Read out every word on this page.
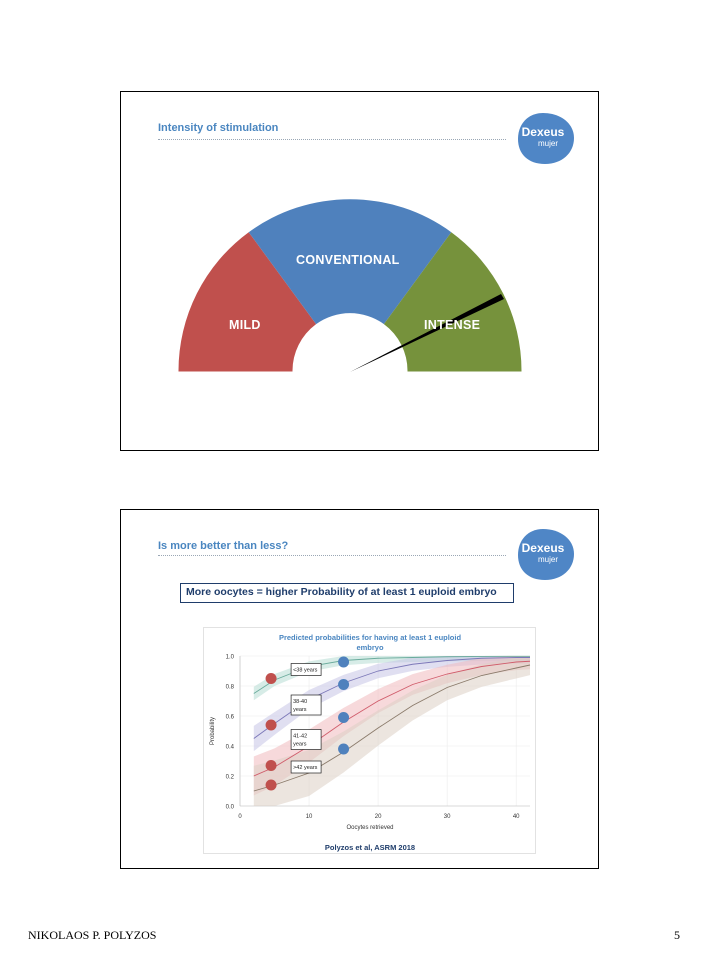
Intensity of stimulation	Dexeus
mujer
MILD
CONVENTIONAL
INTENSE
Is more better than less?	Dexeus
mujer
More oocytes = higher Probability of at least 1 euploid embryo
Predicted probabilities for having at least 1 euploid
embryo
0.0
0.2
0.4
0.6
0.8
1.0
0	10	20	30	40
Oocytes retrieved
Probability
<38 years
38-40
years
41-42
years
>42 years
Polyzos et al, ASRM 2018
NIKOLAOS P. POLYZOS	5
